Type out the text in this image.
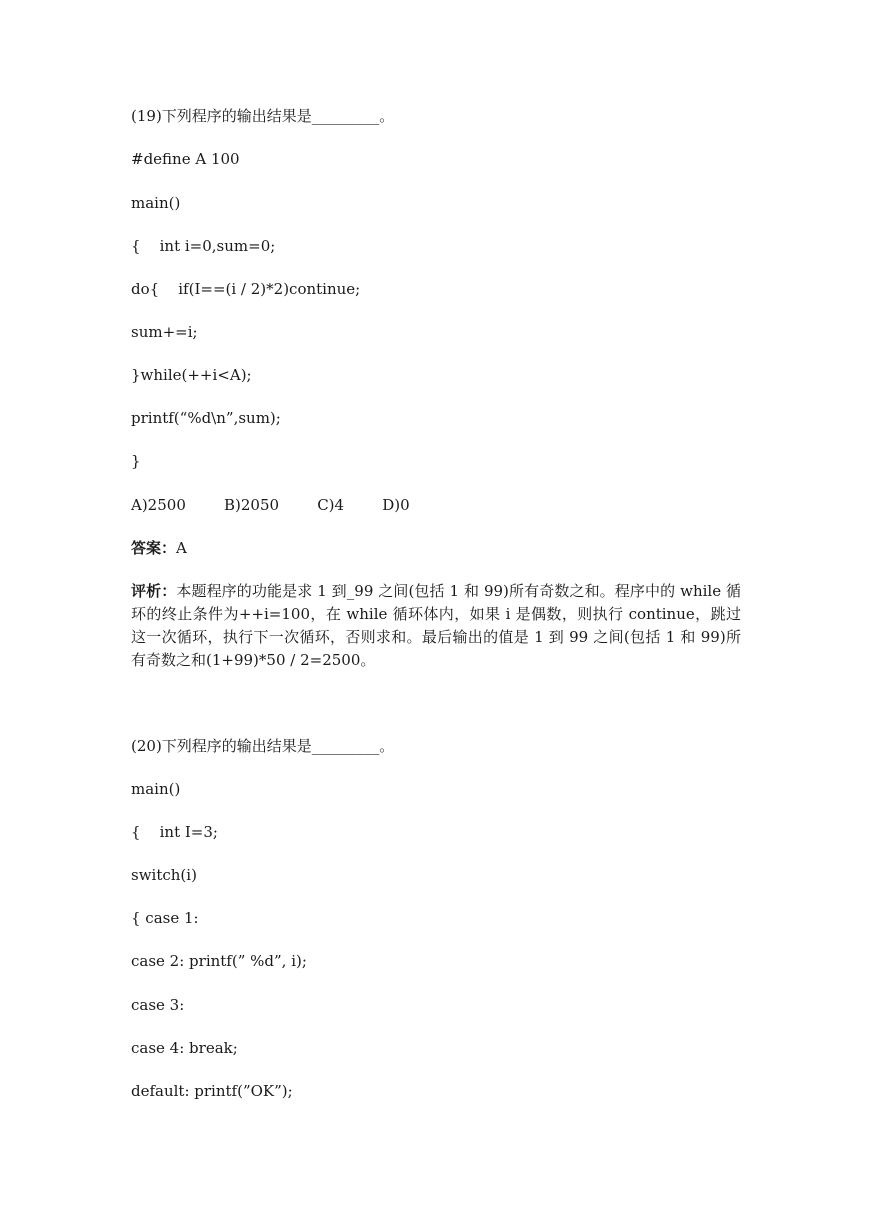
(19)下列程序的输出结果是_________。

#define A 100

main()

{    int i=0,sum=0;

do{    if(I==(i / 2)*2)continue;

sum+=i;

}while(++i<A);

printf(“%d\n”,sum);

}

A)2500        B)2050        C)4        D)0

答案：A

评析：本题程序的功能是求 1 到_99 之间(包括 1 和 99)所有奇数之和。程序中的 while 循环的终止条件为++i=100，在 while 循环体内，如果 i 是偶数，则执行 continue，跳过这一次循环，执行下一次循环，否则求和。最后输出的值是 1 到 99 之间(包括 1 和 99)所有奇数之和(1+99)*50 / 2=2500。

(20)下列程序的输出结果是_________。

main()

{    int I=3;

switch(i)

{ case 1:

case 2: printf(” %d”, i);

case 3:

case 4: break;

default: printf(”OK”);
